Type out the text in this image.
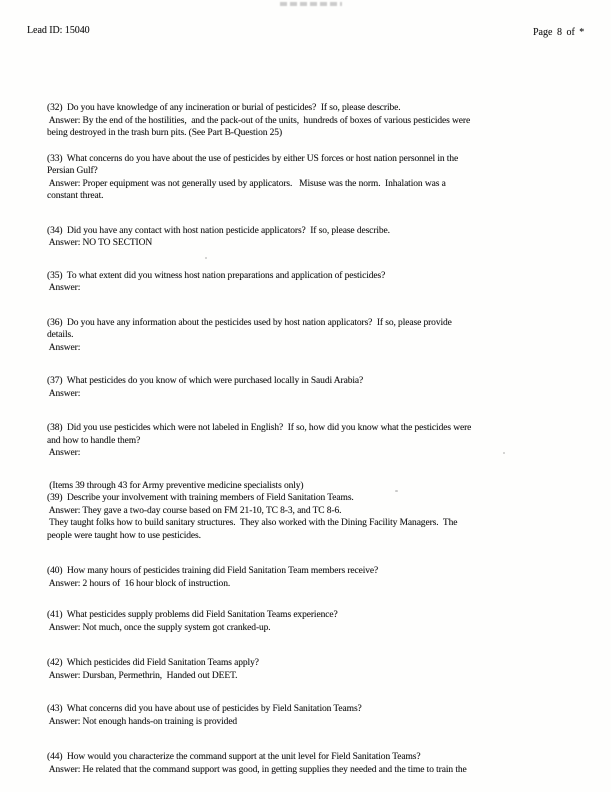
Lead ID: 15040	Page 8 of *
(32)  Do you have knowledge of any incineration or burial of pesticides?  If so, please describe.
Answer: By the end of the hostilities,  and the pack-out of the units,  hundreds of boxes of various pesticides were
being destroyed in the trash burn pits. (See Part B-Question 25)
(33)  What concerns do you have about the use of pesticides by either US forces or host nation personnel in the
Persian Gulf?
Answer: Proper equipment was not generally used by applicators.   Misuse was the norm.  Inhalation was a
constant threat.
(34)  Did you have any contact with host nation pesticide applicators?  If so, please describe.
Answer: NO TO SECTION
(35)  To what extent did you witness host nation preparations and application of pesticides?
Answer:
(36)  Do you have any information about the pesticides used by host nation applicators?  If so, please provide
details.
Answer:
(37)  What pesticides do you know of which were purchased locally in Saudi Arabia?
Answer:
(38)  Did you use pesticides which were not labeled in English?  If so, how did you know what the pesticides were
and how to handle them?
Answer:
(Items 39 through 43 for Army preventive medicine specialists only)
(39)  Describe your involvement with training members of Field Sanitation Teams.
Answer: They gave a two-day course based on FM 21-10, TC 8-3, and TC 8-6.
They taught folks how to build sanitary structures.  They also worked with the Dining Facility Managers.  The
people were taught how to use pesticides.
(40)  How many hours of pesticides training did Field Sanitation Team members receive?
Answer: 2 hours of  16 hour block of instruction.
(41)  What pesticides supply problems did Field Sanitation Teams experience?
Answer: Not much, once the supply system got cranked-up.
(42)  Which pesticides did Field Sanitation Teams apply?
Answer: Dursban, Permethrin,  Handed out DEET.
(43)  What concerns did you have about use of pesticides by Field Sanitation Teams?
Answer: Not enough hands-on training is provided
(44)  How would you characterize the command support at the unit level for Field Sanitation Teams?
Answer: He related that the command support was good, in getting supplies they needed and the time to train the
